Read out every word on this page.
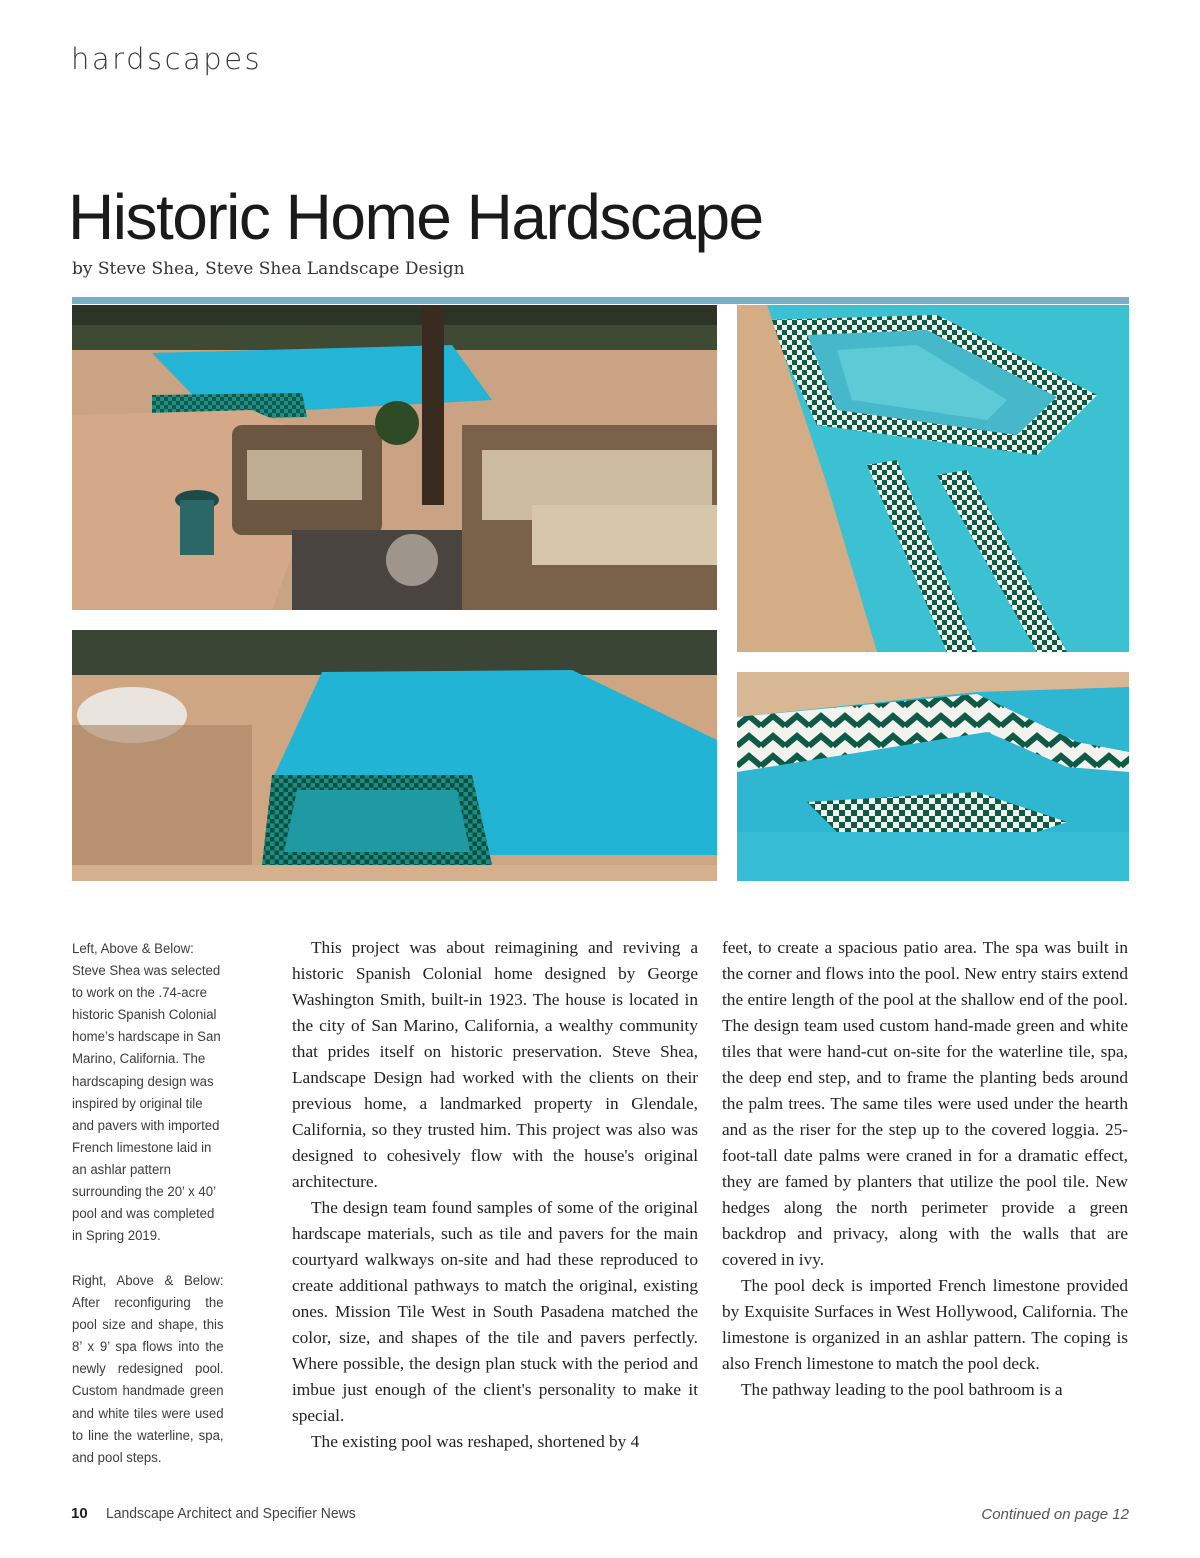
hardscapes
Historic Home Hardscape
by Steve Shea, Steve Shea Landscape Design

Left, Above & Below: Steve Shea was selected to work on the .74-acre historic Spanish Colonial home’s hardscape in San Marino, California. The hardscaping design was inspired by original tile and pavers with imported French limestone laid in an ashlar pattern surrounding the 20’ x 40’ pool and was completed in Spring 2019.

Right, Above & Below: After reconfiguring the pool size and shape, this 8’ x 9’ spa flows into the newly redesigned pool. Custom handmade green and white tiles were used to line the waterline, spa, and pool steps.

This project was about reimagining and reviving a historic Spanish Colonial home designed by George Washington Smith, built-in 1923. The house is located in the city of San Marino, California, a wealthy community that prides itself on historic preservation. Steve Shea, Landscape Design had worked with the clients on their previous home, a landmarked property in Glendale, California, so they trusted him. This project was also was designed to cohesively flow with the house's original architecture.

The design team found samples of some of the original hardscape materials, such as tile and pavers for the main courtyard walkways on-site and had these reproduced to create additional pathways to match the original, existing ones. Mission Tile West in South Pasadena matched the color, size, and shapes of the tile and pavers perfectly. Where possible, the design plan stuck with the period and imbue just enough of the client's personality to make it special.

The existing pool was reshaped, shortened by 4

feet, to create a spacious patio area. The spa was built in the corner and flows into the pool. New entry stairs extend the entire length of the pool at the shallow end of the pool. The design team used custom hand-made green and white tiles that were hand-cut on-site for the waterline tile, spa, the deep end step, and to frame the planting beds around the palm trees. The same tiles were used under the hearth and as the riser for the step up to the covered loggia. 25-foot-tall date palms were craned in for a dramatic effect, they are famed by planters that utilize the pool tile. New hedges along the north perimeter provide a green backdrop and privacy, along with the walls that are covered in ivy.

The pool deck is imported French limestone provided by Exquisite Surfaces in West Hollywood, California. The limestone is organized in an ashlar pattern. The coping is also French limestone to match the pool deck.

The pathway leading to the pool bathroom is a

10 Landscape Architect and Specifier News	Continued on page 12
